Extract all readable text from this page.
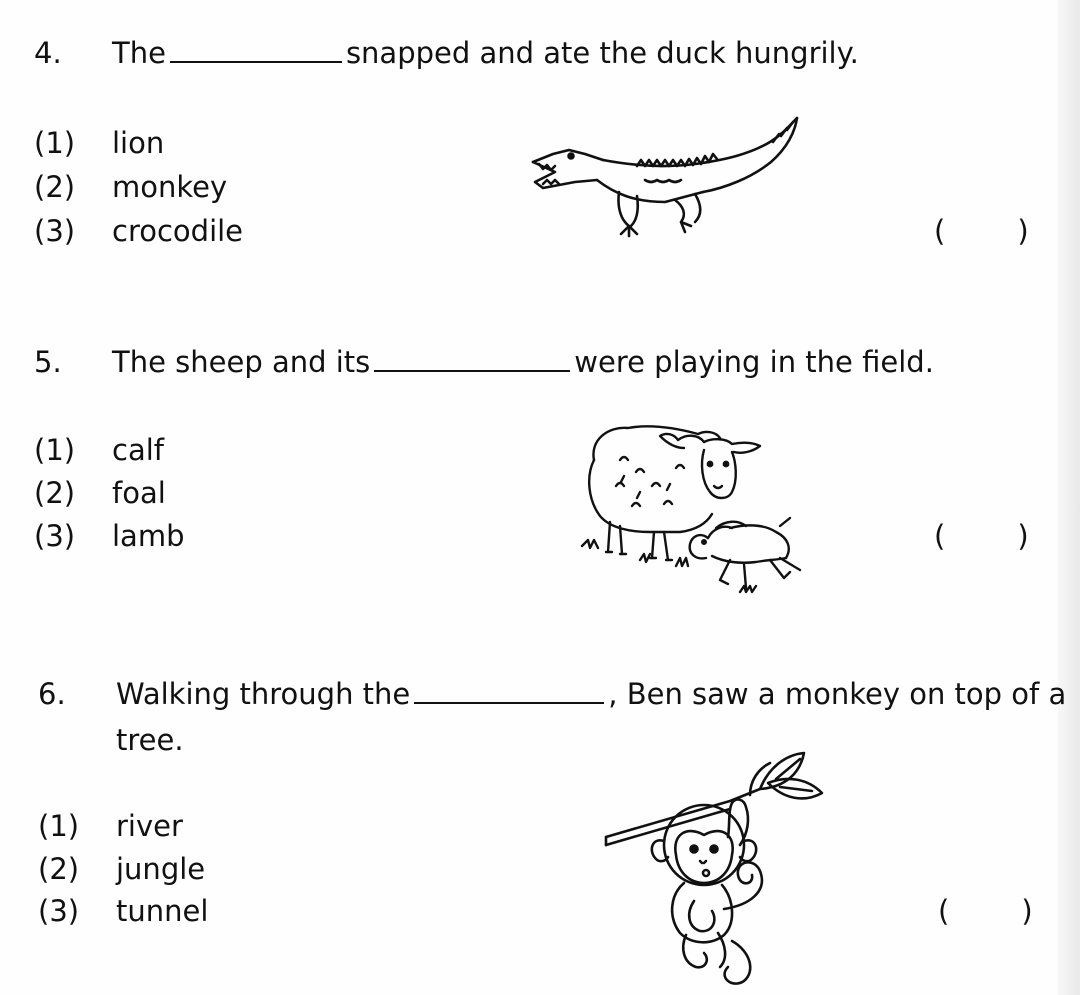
4. The	snapped and ate the duck hungrily.
(1) lion
(2) monkey
(3) crocodile	( )
5. The sheep and its	were playing in the field.
(1) calf
(2) foal
(3) lamb	( )
6. Walking through the	, Ben saw a monkey on top of a
tree.
(1) river
(2) jungle
(3) tunnel	( )
